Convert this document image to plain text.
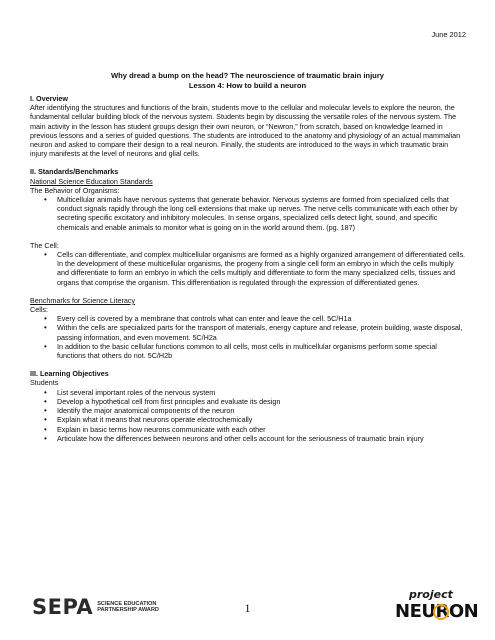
June 2012
Why dread a bump on the head? The neuroscience of traumatic brain injury
Lesson 4: How to build a neuron

I. Overview

After identifying the structures and functions of the brain, students move to the cellular and molecular levels to explore the neuron, the fundamental cellular building block of the nervous system. Students begin by discussing the versatile roles of the nervous system. The main activity in the lesson has student groups design their own neuron, or “Newron,” from scratch, based on knowledge learned in previous lessons and a series of guided questions. The students are introduced to the anatomy and physiology of an actual mammalian neuron and asked to compare their design to a real neuron. Finally, the students are introduced to the ways in which traumatic brain injury manifests at the level of neurons and glial cells.

II. Standards/Benchmarks

National Science Education Standards

The Behavior of Organisms:

• Multicellular animals have nervous systems that generate behavior. Nervous systems are formed from specialized cells that conduct signals rapidly through the long cell extensions that make up nerves. The nerve cells communicate with each other by secreting specific excitatory and inhibitory molecules. In sense organs, specialized cells detect light, sound, and specific chemicals and enable animals to monitor what is going on in the world around them. (pg. 187)

The Cell:

• Cells can differentiate, and complex multicellular organisms are formed as a highly organized arrangement of differentiated cells. In the development of these multicellular organisms, the progeny from a single cell form an embryo in which the cells multiply and differentiate to form an embryo in which the cells multiply and differentiate to form the many specialized cells, tissues and organs that comprise the organism. This differentiation is regulated through the expression of differentiated genes.

Benchmarks for Science Literacy

Cells:

• Every cell is covered by a membrane that controls what can enter and leave the cell. 5C/H1a
• Within the cells are specialized parts for the transport of materials, energy capture and release, protein building, waste disposal, passing information, and even movement. 5C/H2a
• In addition to the basic cellular functions common to all cells, most cells in multicellular organisms perform some special functions that others do not. 5C/H2b

III. Learning Objectives

Students

• List several important roles of the nervous system
• Develop a hypothetical cell from first principles and evaluate its design
• Identify the major anatomical components of the neuron
• Explain what it means that neurons operate electrochemically
• Explain in basic terms how neurons communicate with each other
• Articulate how the differences between neurons and other cells account for the seriousness of traumatic brain injury
SEPA SCIENCE EDUCATION
PARTNERSHIP AWARD	1
project
NEURON
